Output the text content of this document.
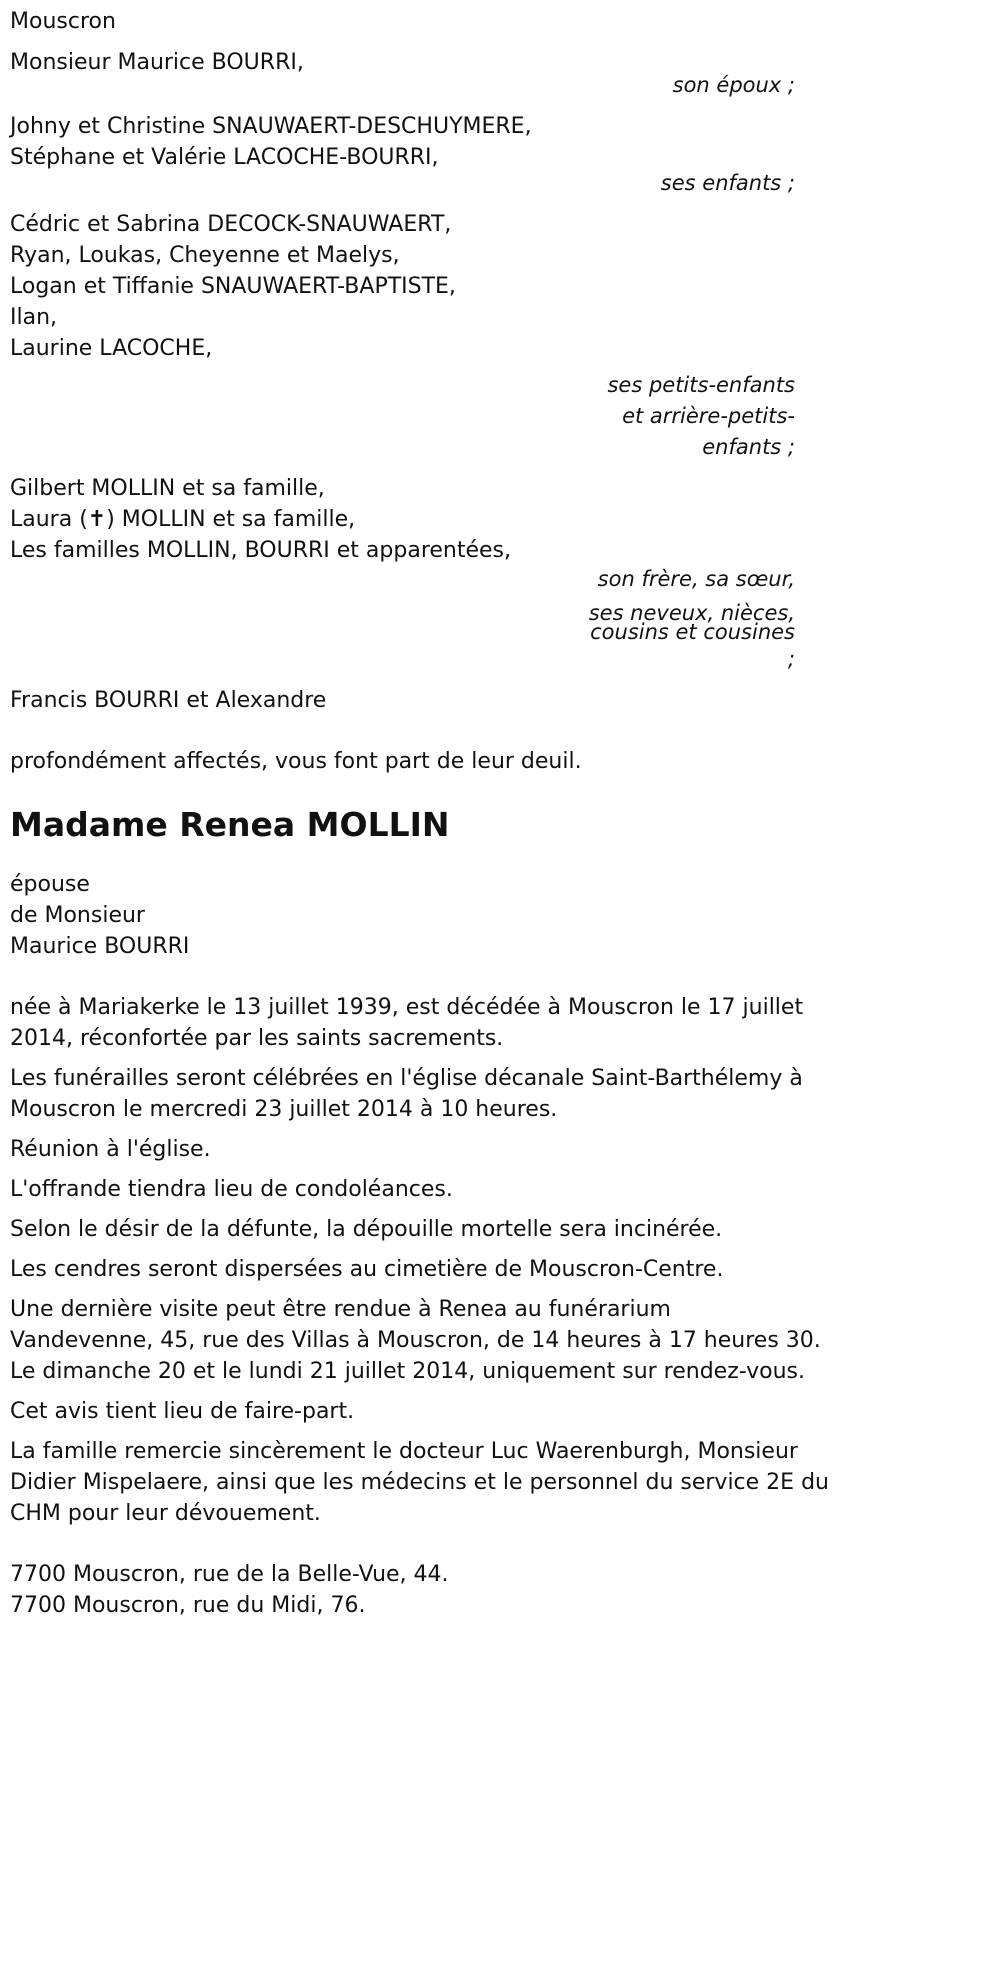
Mouscron
Monsieur Maurice BOURRI,
son époux ;
Johny et Christine SNAUWAERT-DESCHUYMERE,
Stéphane et Valérie LACOCHE-BOURRI,
ses enfants ;
Cédric et Sabrina DECOCK-SNAUWAERT,
Ryan, Loukas, Cheyenne et Maelys,
Logan et Tiffanie SNAUWAERT-BAPTISTE,
Ilan,
Laurine LACOCHE,
ses petits-enfants
et arrière-petits-
enfants ;
Gilbert MOLLIN et sa famille,
Laura (✝) MOLLIN et sa famille,
Les familles MOLLIN, BOURRI et apparentées,
son frère, sa sœur,
ses neveux, nièces,
cousins et cousines
;
Francis BOURRI et Alexandre
profondément affectés, vous font part de leur deuil.
Madame Renea MOLLIN
épouse
de Monsieur
Maurice BOURRI
née à Mariakerke le 13 juillet 1939, est décédée à Mouscron le 17 juillet
2014, réconfortée par les saints sacrements.
Les funérailles seront célébrées en l'église décanale Saint-Barthélemy à
Mouscron le mercredi 23 juillet 2014 à 10 heures.
Réunion à l'église.
L'offrande tiendra lieu de condoléances.
Selon le désir de la défunte, la dépouille mortelle sera incinérée.
Les cendres seront dispersées au cimetière de Mouscron-Centre.
Une dernière visite peut être rendue à Renea au funérarium
Vandevenne, 45, rue des Villas à Mouscron, de 14 heures à 17 heures 30.
Le dimanche 20 et le lundi 21 juillet 2014, uniquement sur rendez-vous.
Cet avis tient lieu de faire-part.
La famille remercie sincèrement le docteur Luc Waerenburgh, Monsieur
Didier Mispelaere, ainsi que les médecins et le personnel du service 2E du
CHM pour leur dévouement.
7700 Mouscron, rue de la Belle-Vue, 44.
7700 Mouscron, rue du Midi, 76.
